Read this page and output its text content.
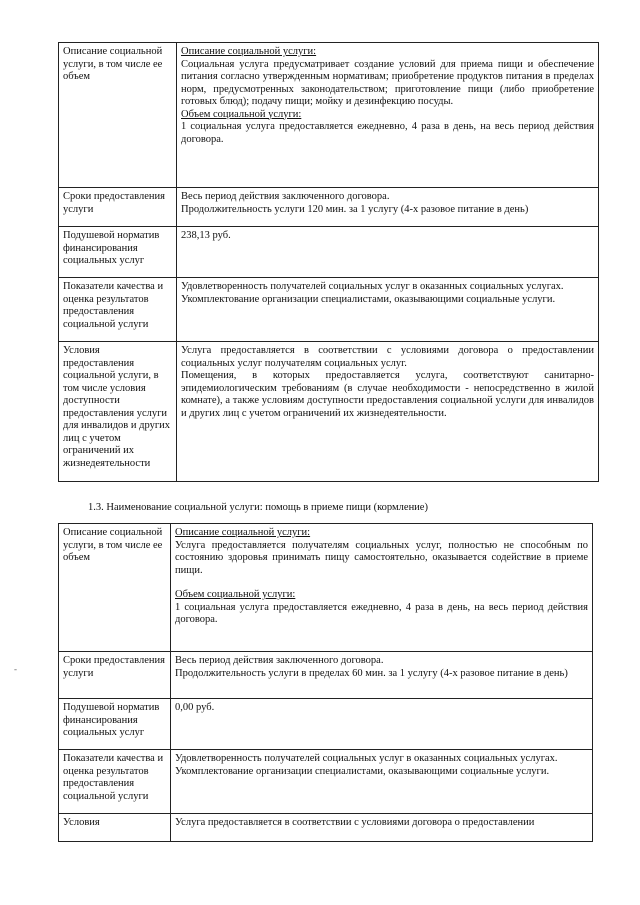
Описание социальной услуги, в том числе ее объем	Описание социальной услуги:
Социальная услуга предусматривает создание условий для приема пищи и обеспечение питания согласно утвержденным нормативам; приобретение продуктов питания в пределах норм, предусмотренных законодательством; приготовление пищи (либо приобретение готовых блюд); подачу пищи; мойку и дезинфекцию посуды.
Объем социальной услуги:
1 социальная услуга предоставляется ежедневно, 4 раза в день, на весь период действия договора.

Сроки предоставления услуги	Весь период действия заключенного договора.
Продолжительность услуги 120 мин. за 1 услугу (4-х разовое питание в день)

Подушевой норматив финансирования социальных услуг	238,13 руб.
Показатели качества и оценка результатов предоставления социальной услуги	Удовлетворенность получателей социальных услуг в оказанных социальных услугах.
Укомплектование организации специалистами, оказывающими социальные услуги.

Условия предоставления социальной услуги, в том числе условия доступности предоставления услуги для инвалидов и других лиц с учетом ограничений их жизнедеятельности	Услуга предоставляется в соответствии с условиями договора о предоставлении социальных услуг получателям социальных услуг.
Помещения, в которых предоставляется услуга, соответствуют санитарно-эпидемиологическим требованиям (в случае необходимости - непосредственно в жилой комнате), а также условиям доступности предоставления социальной услуги для инвалидов и других лиц с учетом ограничений их жизнедеятельности.
1.3. Наименование социальной услуги: помощь в приеме пищи (кормление)
-
Описание социальной услуги, в том числе ее объем	Описание социальной услуги:
Услуга предоставляется получателям социальных услуг, полностью не способным по состоянию здоровья принимать пищу самостоятельно, оказывается содействие в приеме пищи.
Объем социальной услуги:
1 социальная услуга предоставляется ежедневно, 4 раза в день, на весь период действия договора.

Сроки предоставления услуги	Весь период действия заключенного договора.
Продолжительность услуги в пределах 60 мин. за 1 услугу (4-х разовое питание в день)

Подушевой норматив финансирования социальных услуг	0,00 руб.
Показатели качества и оценка результатов предоставления социальной услуги	Удовлетворенность получателей социальных услуг в оказанных социальных услугах.
Укомплектование организации специалистами, оказывающими социальные услуги.

Условия	Услуга предоставляется в соответствии с условиями договора о предоставлении
